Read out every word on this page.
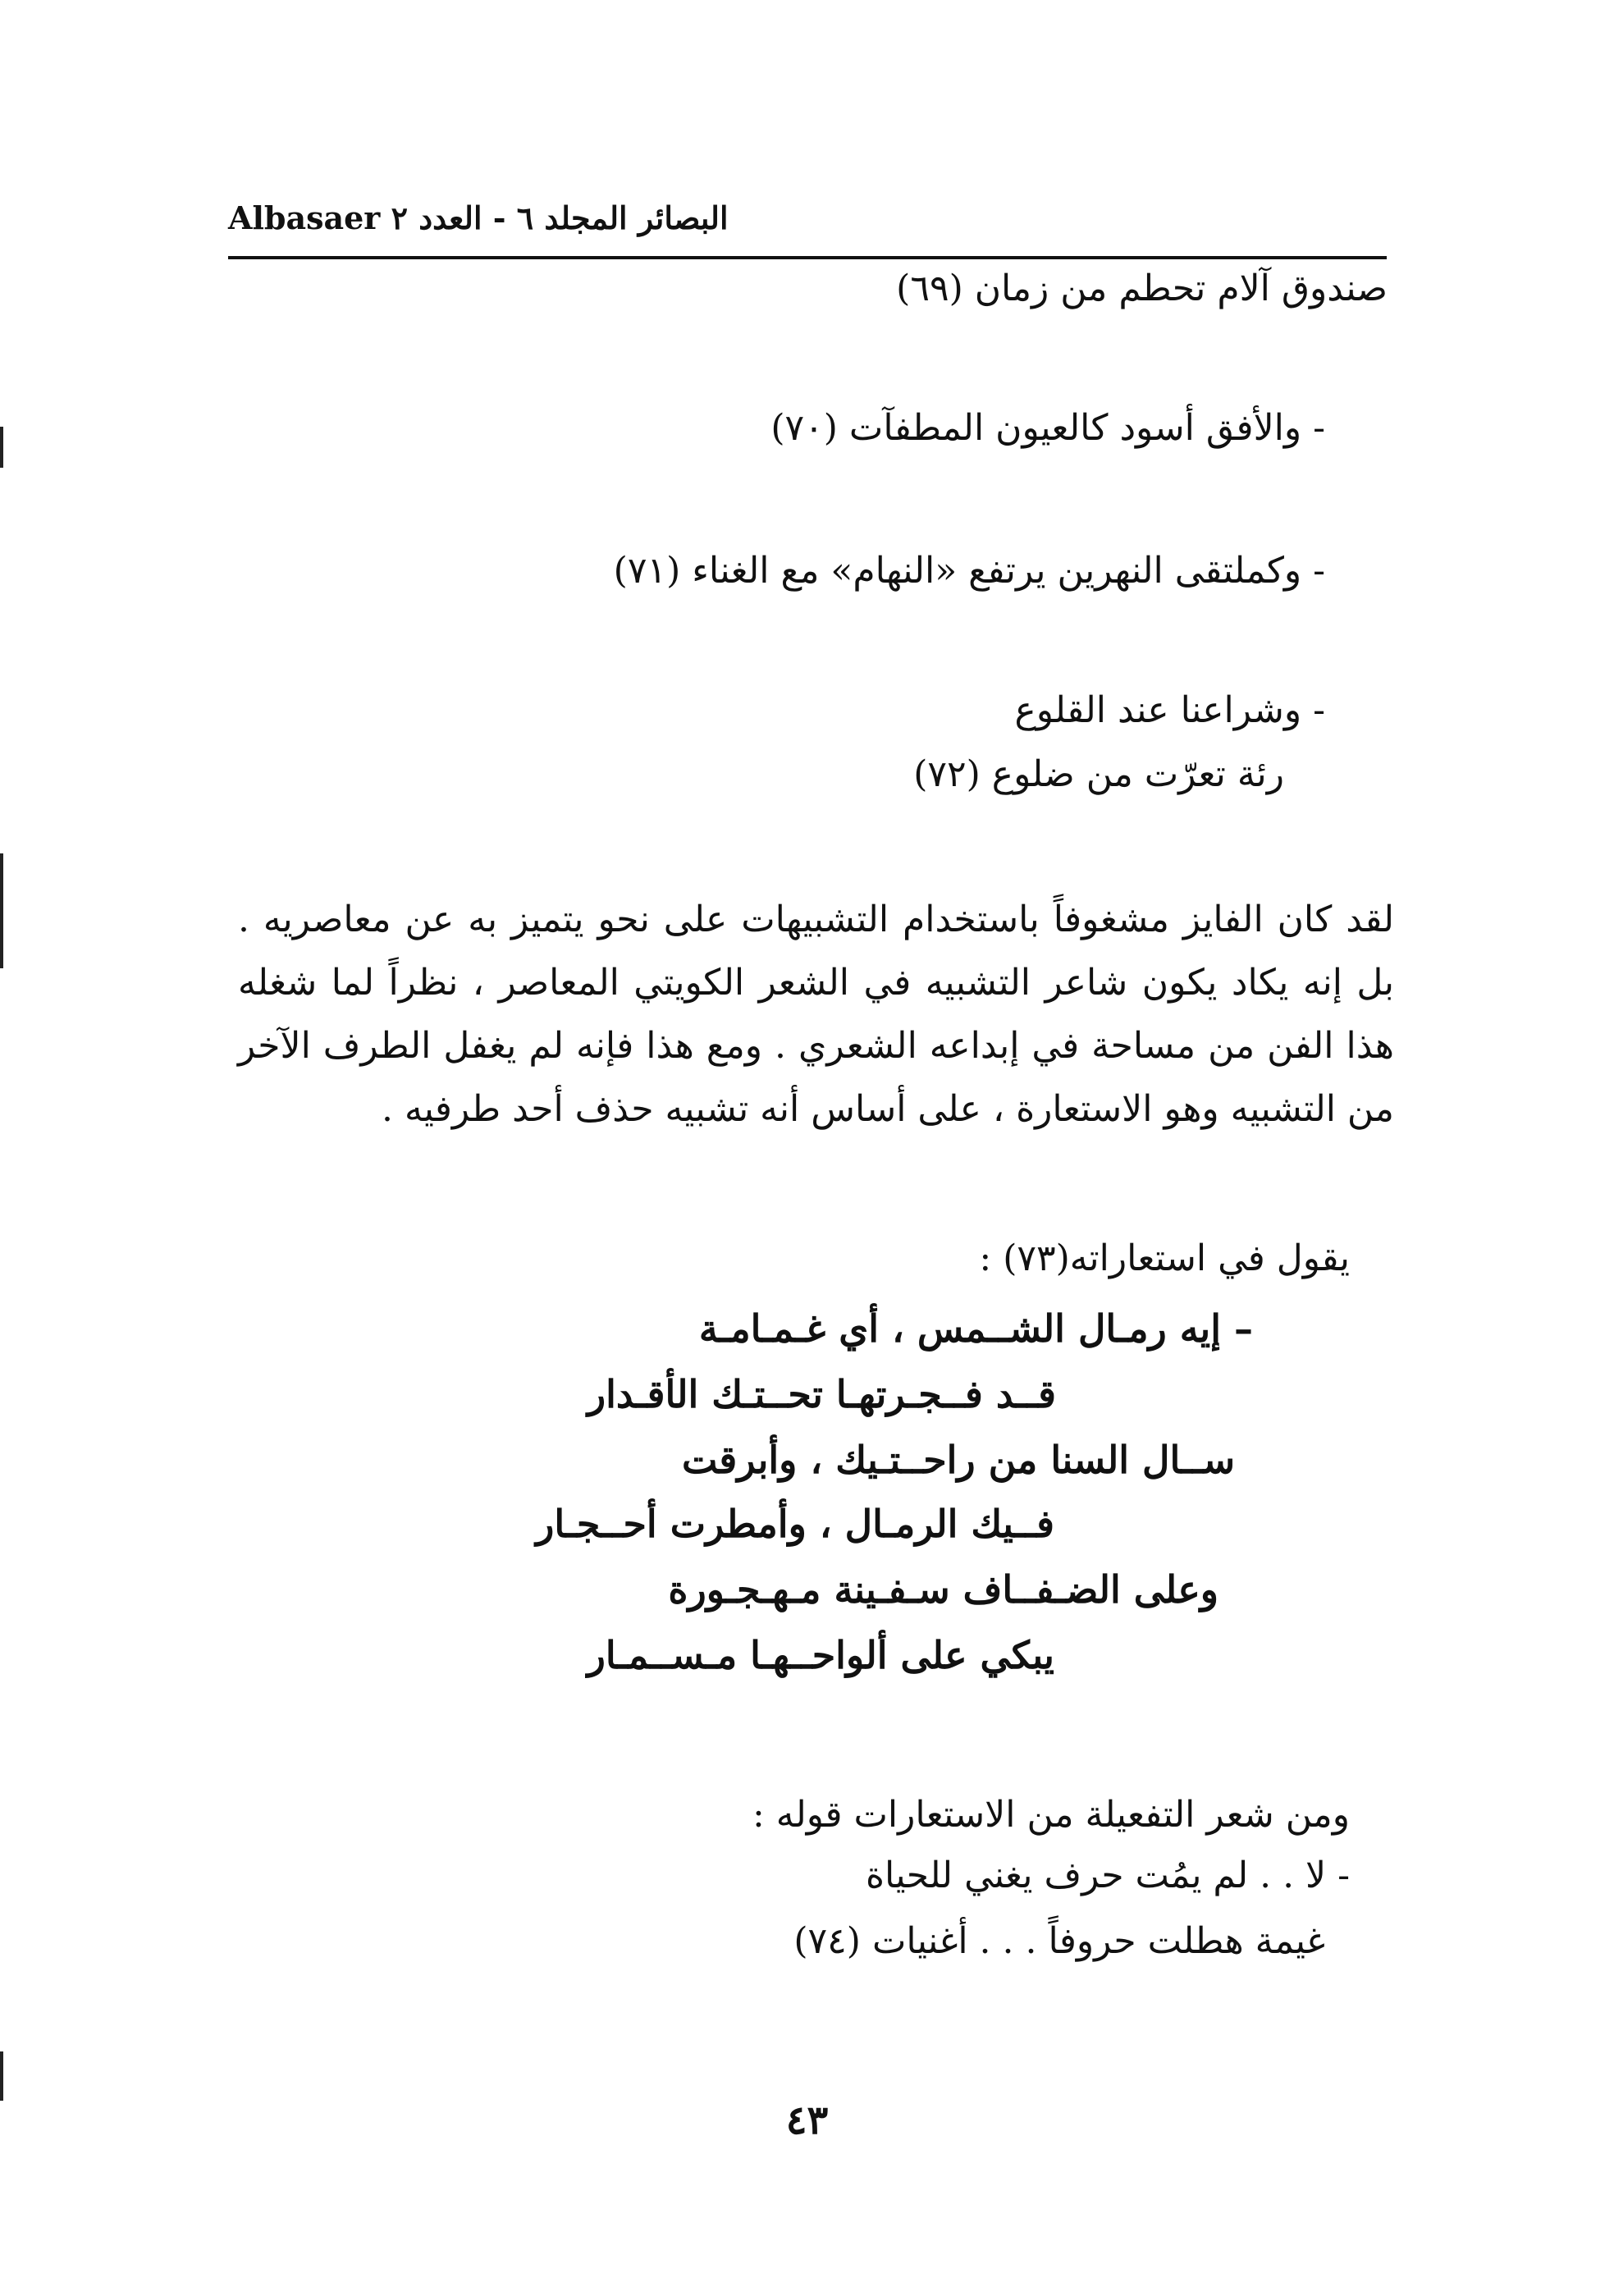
Albasaer البصائر المجلد ٦ - العدد ٢
صندوق آلام تحطم من زمان (٦٩)
- والأفق أسود كالعيون المطفآت (٧٠)
- وكملتقى النهرين يرتفع «النهام» مع الغناء (٧١)
- وشراعنا عند القلوع
رئة تعرّت من ضلوع (٧٢)
لقد كان الفايز مشغوفاً باستخدام التشبيهات على نحو يتميز به عن معاصريه . بل إنه يكاد يكون شاعر التشبيه في الشعر الكويتي المعاصر ، نظراً لما شغله هذا الفن من مساحة في إبداعه الشعري . ومع هذا فإنه لم يغفل الطرف الآخر من التشبيه وهو الاستعارة ، على أساس أنه تشبيه حذف أحد طرفيه .
يقول في استعاراته(٧٣) :
– إيه رمـال الشــمس ، أي غـمـامـة
قــد فــجـرتهـا تحــتـك الأقـدار
ســال السنا من راحــتـيك ، وأبرقت
فــيك الرمـال ، وأمطرت أحــجـار
وعلى الضـفــاف سـفـينة مـهـجـورة
يبكي على ألواحــهـا مـســمـار
ومن شعر التفعيلة من الاستعارات قوله :
- لا . . لم يمُت حرف يغني للحياة
غيمة هطلت حروفاً . . . أغنيات (٧٤)
٤٣
